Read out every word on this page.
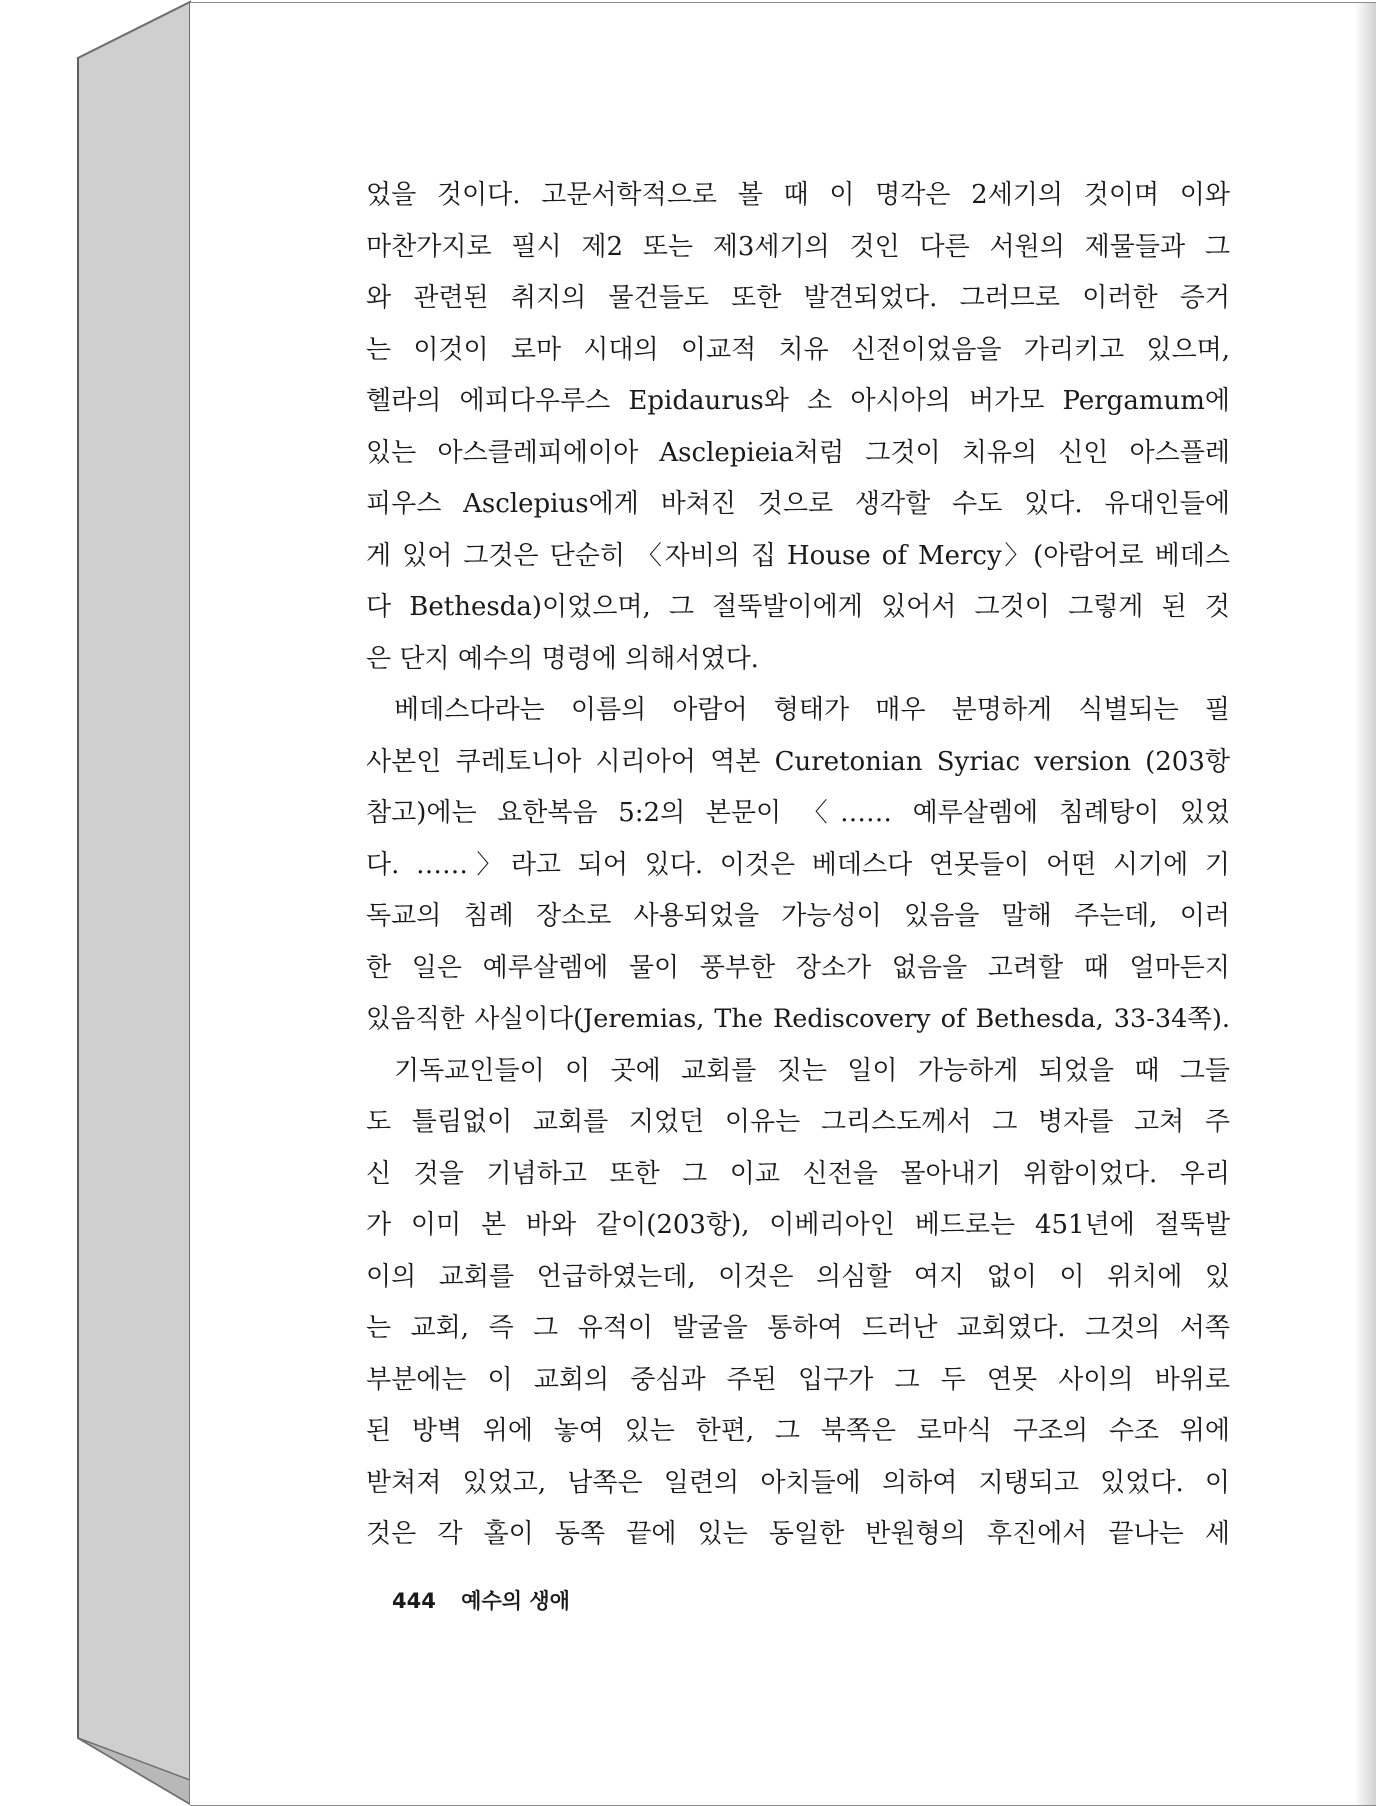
었을 것이다. 고문서학적으로 볼 때 이 명각은 2세기의 것이며 이와
마찬가지로 필시 제2 또는 제3세기의 것인 다른 서원의 제물들과 그
와 관련된 취지의 물건들도 또한 발견되었다. 그러므로 이러한 증거
는 이것이 로마 시대의 이교적 치유 신전이었음을 가리키고 있으며,
헬라의 에피다우루스 Epidaurus와 소 아시아의 버가모 Pergamum에
있는 아스클레피에이아 Asclepieia처럼 그것이 치유의 신인 아스플레
피우스 Asclepius에게 바쳐진 것으로 생각할 수도 있다. 유대인들에
게 있어 그것은 단순히 〈자비의 집 House of Mercy〉(아람어로 베데스
다 Bethesda)이었으며, 그 절뚝발이에게 있어서 그것이 그렇게 된 것
은 단지 예수의 명령에 의해서였다.
베데스다라는 이름의 아람어 형태가 매우 분명하게 식별되는 필
사본인 쿠레토니아 시리아어 역본 Curetonian Syriac version (203항
참고)에는 요한복음 5:2의 본문이 〈…… 예루살렘에 침례탕이 있었
다. ……〉라고 되어 있다. 이것은 베데스다 연못들이 어떤 시기에 기
독교의 침례 장소로 사용되었을 가능성이 있음을 말해 주는데, 이러
한 일은 예루살렘에 물이 풍부한 장소가 없음을 고려할 때 얼마든지
있음직한 사실이다(Jeremias, The Rediscovery of Bethesda, 33-34쪽).
기독교인들이 이 곳에 교회를 짓는 일이 가능하게 되었을 때 그들
도 틀림없이 교회를 지었던 이유는 그리스도께서 그 병자를 고쳐 주
신 것을 기념하고 또한 그 이교 신전을 몰아내기 위함이었다. 우리
가 이미 본 바와 같이(203항), 이베리아인 베드로는 451년에 절뚝발
이의 교회를 언급하였는데, 이것은 의심할 여지 없이 이 위치에 있
는 교회, 즉 그 유적이 발굴을 통하여 드러난 교회였다. 그것의 서쪽
부분에는 이 교회의 중심과 주된 입구가 그 두 연못 사이의 바위로
된 방벽 위에 놓여 있는 한편, 그 북쪽은 로마식 구조의 수조 위에
받쳐져 있었고, 남쪽은 일련의 아치들에 의하여 지탱되고 있었다. 이
것은 각 홀이 동쪽 끝에 있는 동일한 반원형의 후진에서 끝나는 세
444 예수의 생애
